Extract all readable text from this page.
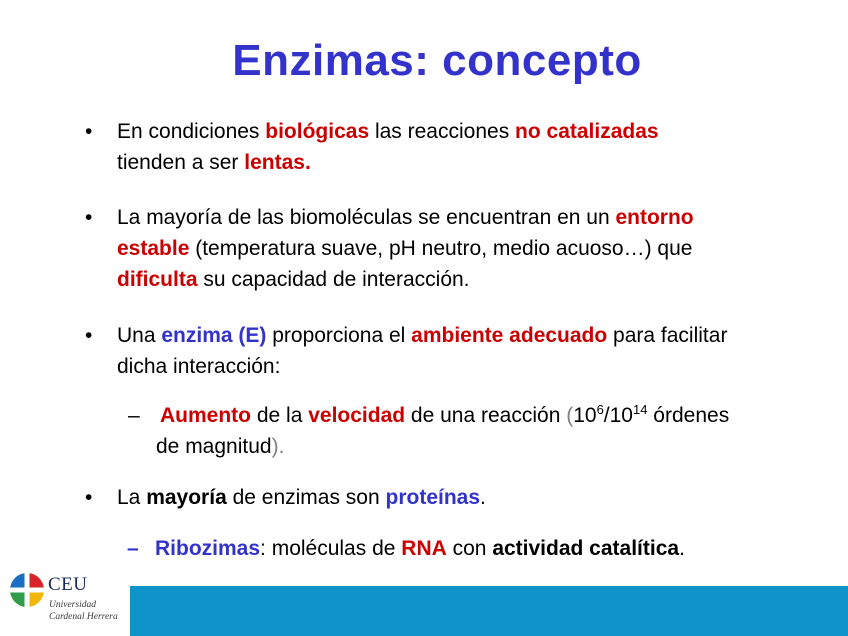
Enzimas: concepto
• En condiciones biológicas las reacciones no catalizadas
tienden a ser lentas.
• La mayoría de las biomoléculas se encuentran en un entorno
estable (temperatura suave, pH neutro, medio acuoso…) que
dificulta su capacidad de interacción.
• Una enzima (E) proporciona el ambiente adecuado para facilitar
dicha interacción:
– Aumento de la velocidad de una reacción ($10^6/10^{14}$ órdenes
de magnitud).
• La mayoría de enzimas son proteínas.
– Ribozimas: moléculas de RNA con actividad catalítica.
CEU
Universidad
Cardenal Herrera
